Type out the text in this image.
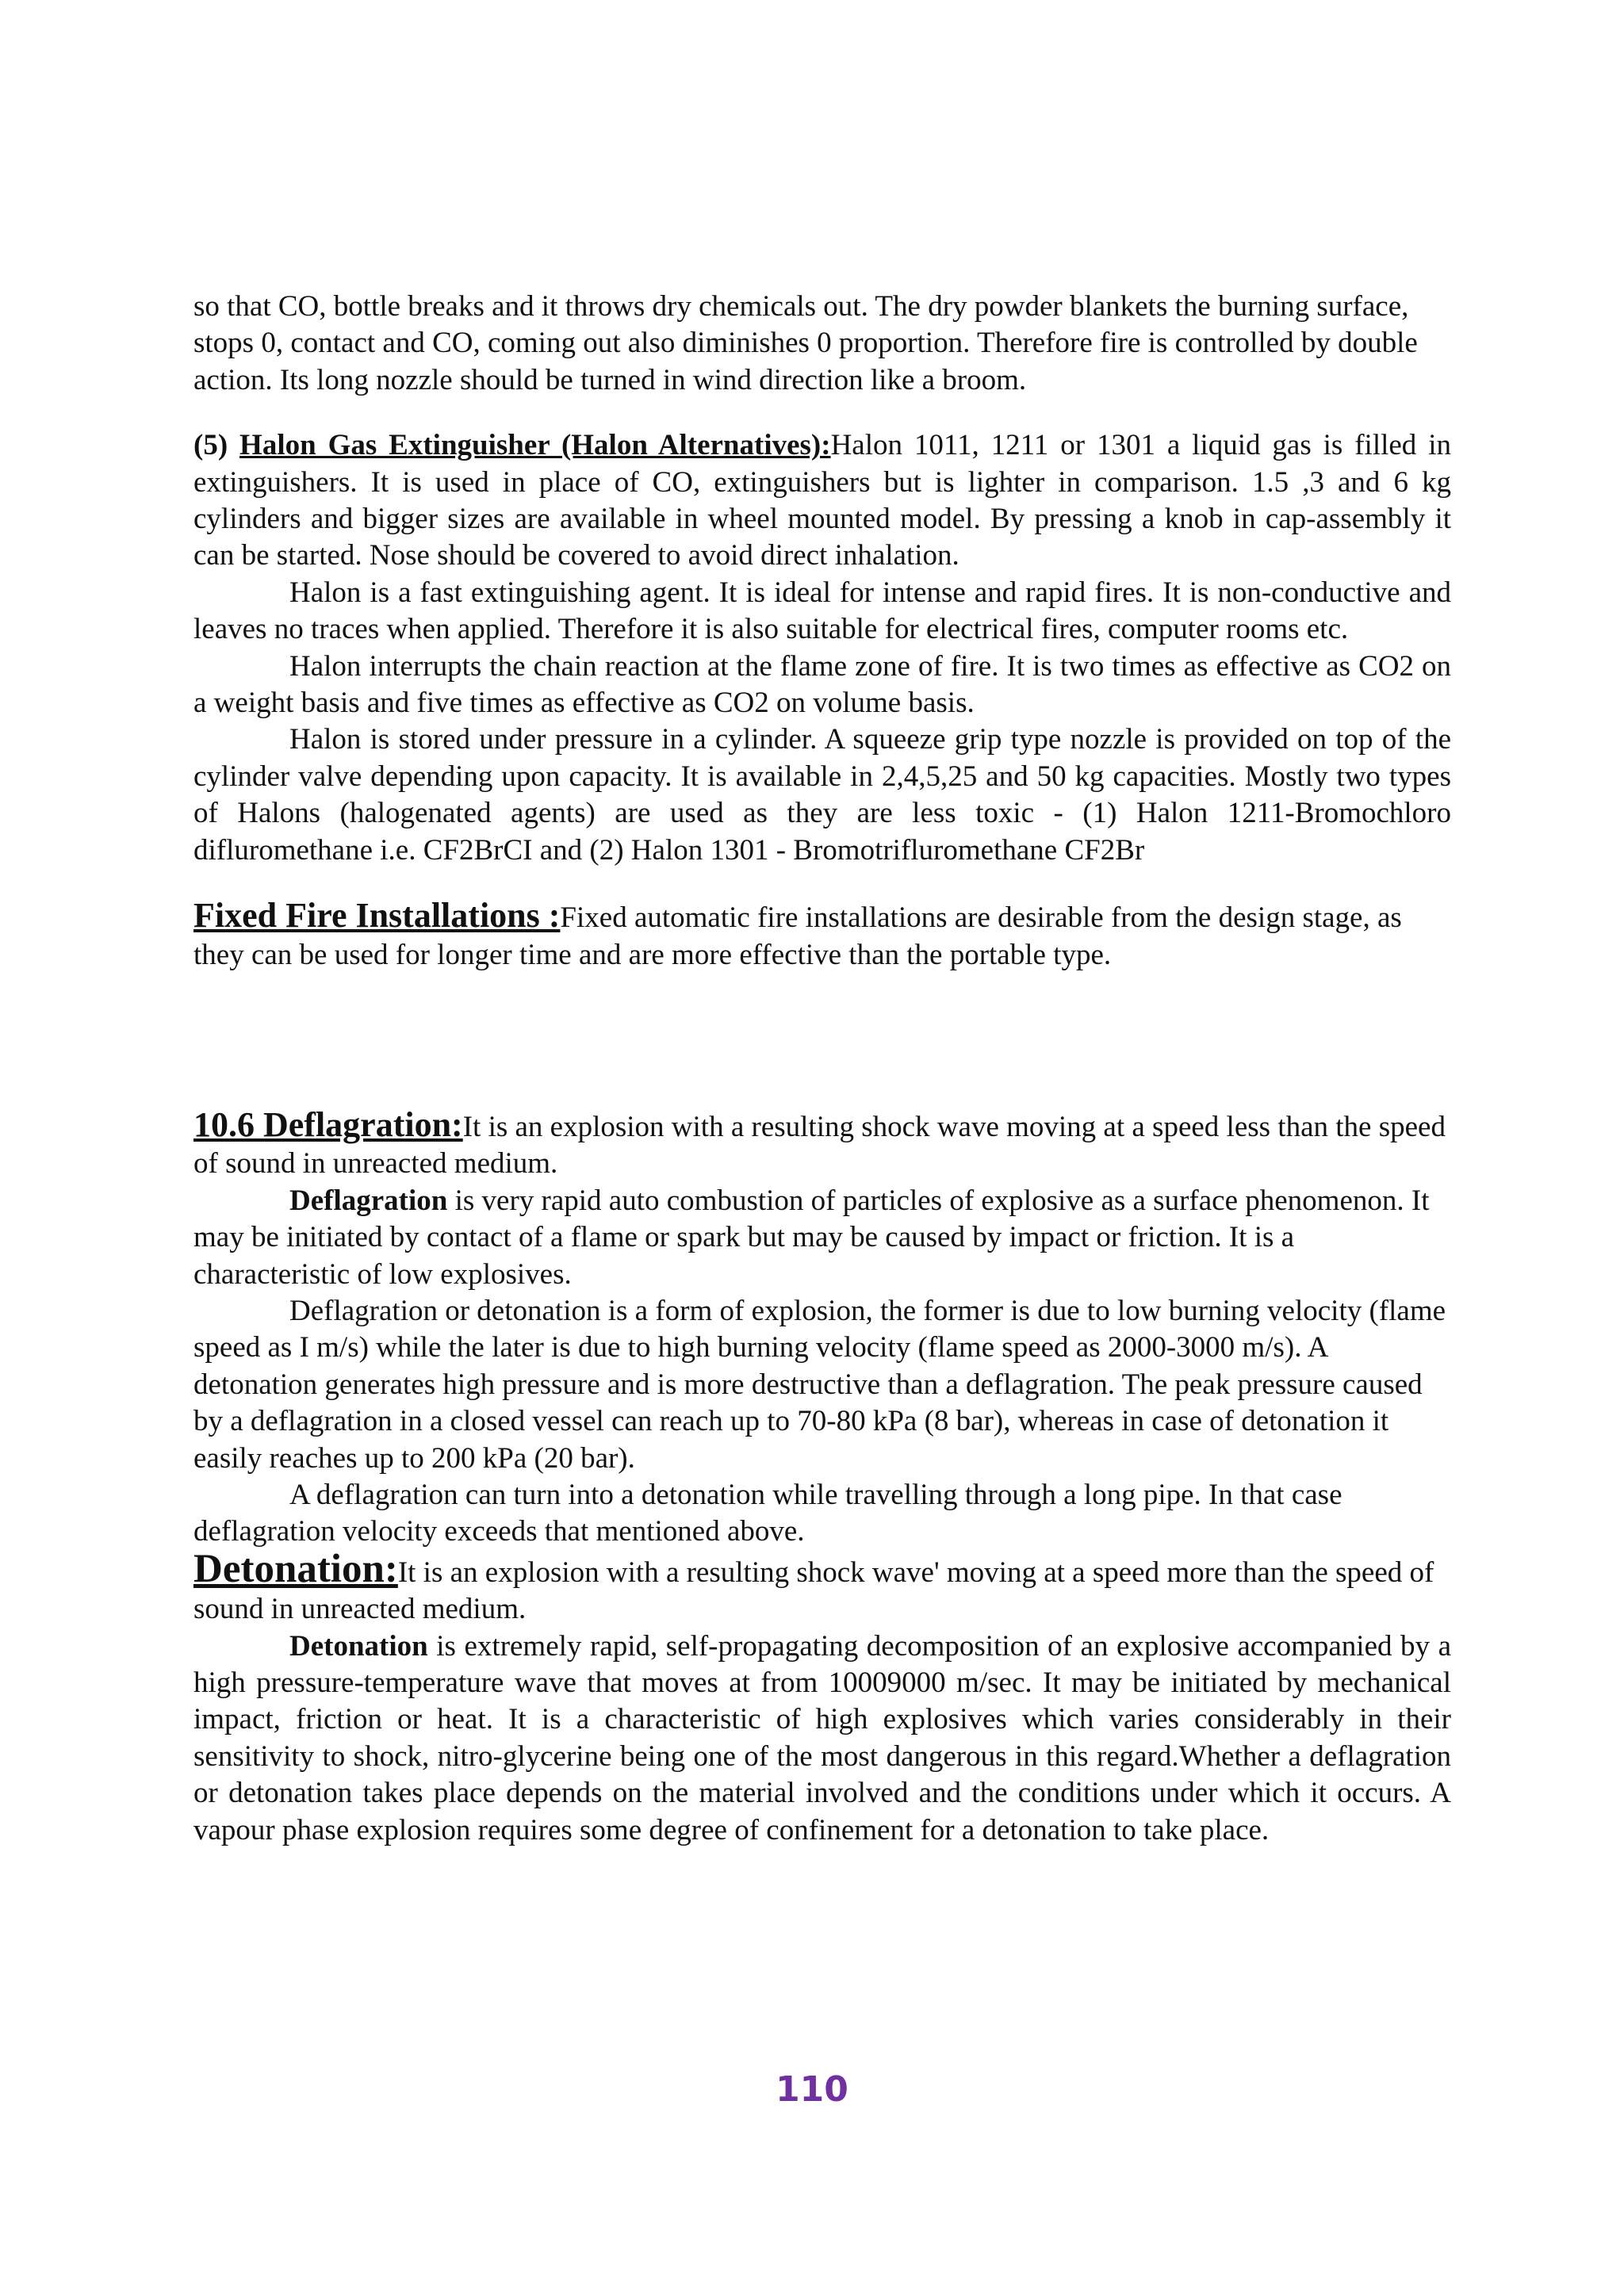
so that CO, bottle breaks and it throws dry chemicals out. The dry powder blankets the burning surface, stops 0, contact and CO, coming out also diminishes 0 proportion. Therefore fire is controlled by double action. Its long nozzle should be turned in wind direction like a broom.

(5) Halon Gas Extinguisher (Halon Alternatives):Halon 1011, 1211 or 1301 a liquid gas is filled in extinguishers. It is used in place of CO, extinguishers but is lighter in comparison. 1.5 ,3 and 6 kg cylinders and bigger sizes are available in wheel mounted model. By pressing a knob in cap-assembly it can be started. Nose should be covered to avoid direct inhalation.

Halon is a fast extinguishing agent. It is ideal for intense and rapid fires. It is non-conductive and leaves no traces when applied. Therefore it is also suitable for electrical fires, computer rooms etc.

Halon interrupts the chain reaction at the flame zone of fire. It is two times as effective as CO2 on a weight basis and five times as effective as CO2 on volume basis.

Halon is stored under pressure in a cylinder. A squeeze grip type nozzle is provided on top of the cylinder valve depending upon capacity. It is available in 2,4,5,25 and 50 kg capacities. Mostly two types of Halons (halogenated agents) are used as they are less toxic - (1) Halon 1211-Bromochloro difluromethane i.e. CF2BrCI and (2) Halon 1301 - Bromotrifluromethane CF2Br

Fixed Fire Installations :Fixed automatic fire installations are desirable from the design stage, as they can be used for longer time and are more effective than the portable type.

10.6 Deflagration:It is an explosion with a resulting shock wave moving at a speed less than the speed of sound in unreacted medium.

Deflagration is very rapid auto combustion of particles of explosive as a surface phenomenon. It may be initiated by contact of a flame or spark but may be caused by impact or friction. It is a characteristic of low explosives.

Deflagration or detonation is a form of explosion, the former is due to low burning velocity (flame speed as I m/s) while the later is due to high burning velocity (flame speed as 2000-3000 m/s). A detonation generates high pressure and is more destructive than a deflagration. The peak pressure caused by a deflagration in a closed vessel can reach up to 70-80 kPa (8 bar), whereas in case of detonation it easily reaches up to 200 kPa (20 bar).

A deflagration can turn into a detonation while travelling through a long pipe. In that case deflagration velocity exceeds that mentioned above.

Detonation:It is an explosion with a resulting shock wave' moving at a speed more than the speed of sound in unreacted medium.

Detonation is extremely rapid, self-propagating decomposition of an explosive accompanied by a high pressure-temperature wave that moves at from 10009000 m/sec. It may be initiated by mechanical impact, friction or heat. It is a characteristic of high explosives which varies considerably in their sensitivity to shock, nitro-glycerine being one of the most dangerous in this regard.Whether a deflagration or detonation takes place depends on the material involved and the conditions under which it occurs. A vapour phase explosion requires some degree of confinement for a detonation to take place.

110
